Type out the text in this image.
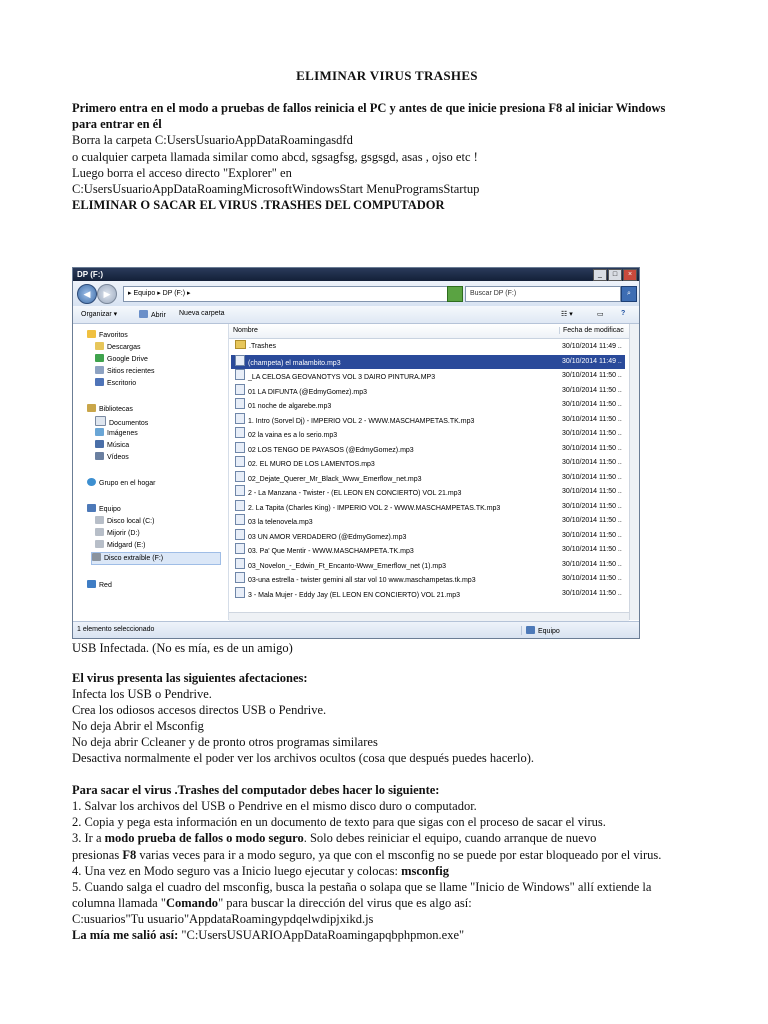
ELIMINAR VIRUS TRASHES
Primero entra en el modo a pruebas de fallos reinicia el PC y antes de que inicie presiona F8 al iniciar Windows
para entrar en él
Borra la carpeta C:UsersUsuarioAppDataRoamingasdfd
o cualquier carpeta llamada similar como abcd, sgsagfsg, gsgsgd, asas , ojso etc !
Luego borra el acceso directo "Explorer" en
C:UsersUsuarioAppDataRoamingMicrosoftWindowsStart MenuProgramsStartup
ELIMINAR O SACAR EL VIRUS .TRASHES DEL COMPUTADOR
DP (F:)	_	□	×
◀	▶	▸ Equipo ▸ DP (F:) ▸	Buscar DP (F:)	⌕
Organizar ▾	Abrir Nueva carpeta	☷ ▾	▭ ?
Favoritos
Descargas
Google Drive
Sitios recientes
Escritorio
Bibliotecas
Documentos
Imágenes
Música
Vídeos
Grupo en el hogar
Equipo
Disco local (C:)
Mijorir (D:)
Midgard (E:)
Disco extraíble (F:)
Red
Nombre	Fecha de modificac
.Trashes	30/10/2014 11:49 ..
(champeta) el malambito.mp3	30/10/2014 11:49 ..
_LA CELOSA GEOVANOTYS VOL 3 DAIRO PINTURA.MP3	30/10/2014 11:50 ..
01 LA DIFUNTA (@EdmyGomez).mp3	30/10/2014 11:50 ..
01 noche de algarebe.mp3	30/10/2014 11:50 ..
1. Intro (Sorvel Dj) - IMPERIO VOL 2 - WWW.MASCHAMPETAS.TK.mp3	30/10/2014 11:50 ..
02 la vaina es a lo serio.mp3	30/10/2014 11:50 ..
02 LOS TENGO DE PAYASOS (@EdmyGomez).mp3	30/10/2014 11:50 ..
02. EL MURO DE LOS LAMENTOS.mp3	30/10/2014 11:50 ..
02_Dejate_Querer_Mr_Black_Www_Emerflow_net.mp3	30/10/2014 11:50 ..
2 - La Manzana - Twister - (EL LEON EN CONCIERTO) VOL 21.mp3	30/10/2014 11:50 ..
2. La Tapita (Charles King) - IMPERIO VOL 2 - WWW.MASCHAMPETAS.TK.mp3	30/10/2014 11:50 ..
03 la telenovela.mp3	30/10/2014 11:50 ..
03 UN AMOR VERDADERO (@EdmyGomez).mp3	30/10/2014 11:50 ..
03. Pa' Que Mentir - WWW.MASCHAMPETA.TK.mp3	30/10/2014 11:50 ..
03_Novelon_-_Edwin_Ft_Encanto-Www_Emerflow_net (1).mp3	30/10/2014 11:50 ..
03-una estrella - twister gemini all star vol 10 www.maschampetas.tk.mp3	30/10/2014 11:50 ..
3 - Mala Mujer - Eddy Jay (EL LEON EN CONCIERTO) VOL 21.mp3	30/10/2014 11:50 ..
1 elemento seleccionado	Equipo
USB Infectada. (No es mía, es de un amigo)
El virus presenta las siguientes afectaciones:
Infecta los USB o Pendrive.
Crea los odiosos accesos directos USB o Pendrive.
No deja Abrir el Msconfig
No deja abrir Ccleaner y de pronto otros programas similares
Desactiva normalmente el poder ver los archivos ocultos (cosa que después puedes hacerlo).
Para sacar el virus .Trashes del computador debes hacer lo siguiente:
1. Salvar los archivos del USB o Pendrive en el mismo disco duro o computador.
2. Copia y pega esta información en un documento de texto para que sigas con el proceso de sacar el virus.
3. Ir a modo prueba de fallos o modo seguro. Solo debes reiniciar el equipo, cuando arranque de nuevo
presionas F8 varias veces para ir a modo seguro, ya que con el msconfig no se puede por estar bloqueado por el virus.
4. Una vez en Modo seguro vas a Inicio luego ejecutar y colocas: msconfig
5. Cuando salga el cuadro del msconfig, busca la pestaña o solapa que se llame "Inicio de Windows" allí extiende la
columna llamada "Comando" para buscar la dirección del virus que es algo así:
C:usuarios"Tu usuario"AppdataRoamingypdqelwdipjxikd.js
La mía me salió así: "C:UsersUSUARIOAppDataRoamingapqbphpmon.exe"
